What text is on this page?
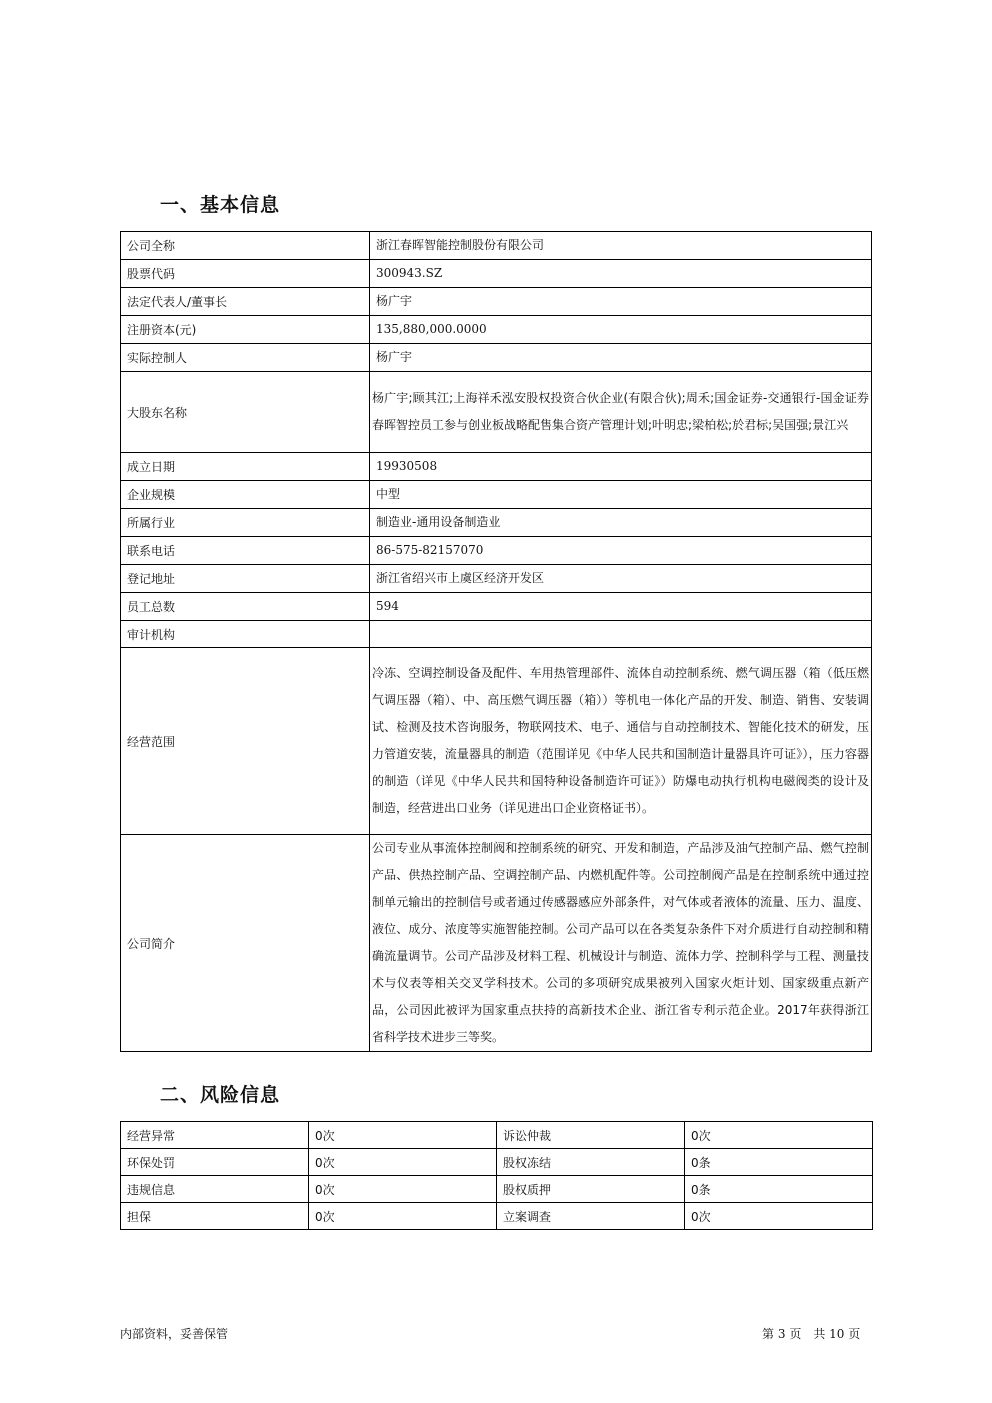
一、基本信息
公司全称	浙江春晖智能控制股份有限公司
股票代码	300943.SZ
法定代表人/董事长	杨广宇
注册资本(元)	135,880,000.0000
实际控制人	杨广宇
大股东名称	杨广宇;顾其江;上海祥禾泓安股权投资合伙企业(有限合伙);周禾;国金证券-交通银行-国金证券春晖智控员工参与创业板战略配售集合资产管理计划;叶明忠;梁柏松;於君标;吴国强;景江兴
成立日期	19930508
企业规模	中型
所属行业	制造业-通用设备制造业
联系电话	86-575-82157070
登记地址	浙江省绍兴市上虞区经济开发区
员工总数	594
审计机构	
经营范围	冷冻、空调控制设备及配件、车用热管理部件、流体自动控制系统、燃气调压器（箱（低压燃气调压器（箱）、中、高压燃气调压器（箱））等机电一体化产品的开发、制造、销售、安装调试、检测及技术咨询服务，物联网技术、电子、通信与自动控制技术、智能化技术的研发，压力管道安装，流量器具的制造（范围详见《中华人民共和国制造计量器具许可证》），压力容器的制造（详见《中华人民共和国特种设备制造许可证》）防爆电动执行机构电磁阀类的设计及制造，经营进出口业务（详见进出口企业资格证书）。
公司简介	公司专业从事流体控制阀和控制系统的研究、开发和制造，产品涉及油气控制产品、燃气控制产品、供热控制产品、空调控制产品、内燃机配件等。公司控制阀产品是在控制系统中通过控制单元输出的控制信号或者通过传感器感应外部条件，对气体或者液体的流量、压力、温度、液位、成分、浓度等实施智能控制。公司产品可以在各类复杂条件下对介质进行自动控制和精确流量调节。公司产品涉及材料工程、机械设计与制造、流体力学、控制科学与工程、测量技术与仪表等相关交叉学科技术。公司的多项研究成果被列入国家火炬计划、国家级重点新产品，公司因此被评为国家重点扶持的高新技术企业、浙江省专利示范企业。2017年获得浙江省科学技术进步三等奖。
二、风险信息
经营异常	0次	诉讼仲裁	0次
环保处罚	0次	股权冻结	0条
违规信息	0次	股权质押	0条
担保	0次	立案调查	0次
内部资料，妥善保管	第 3 页　共 10 页
